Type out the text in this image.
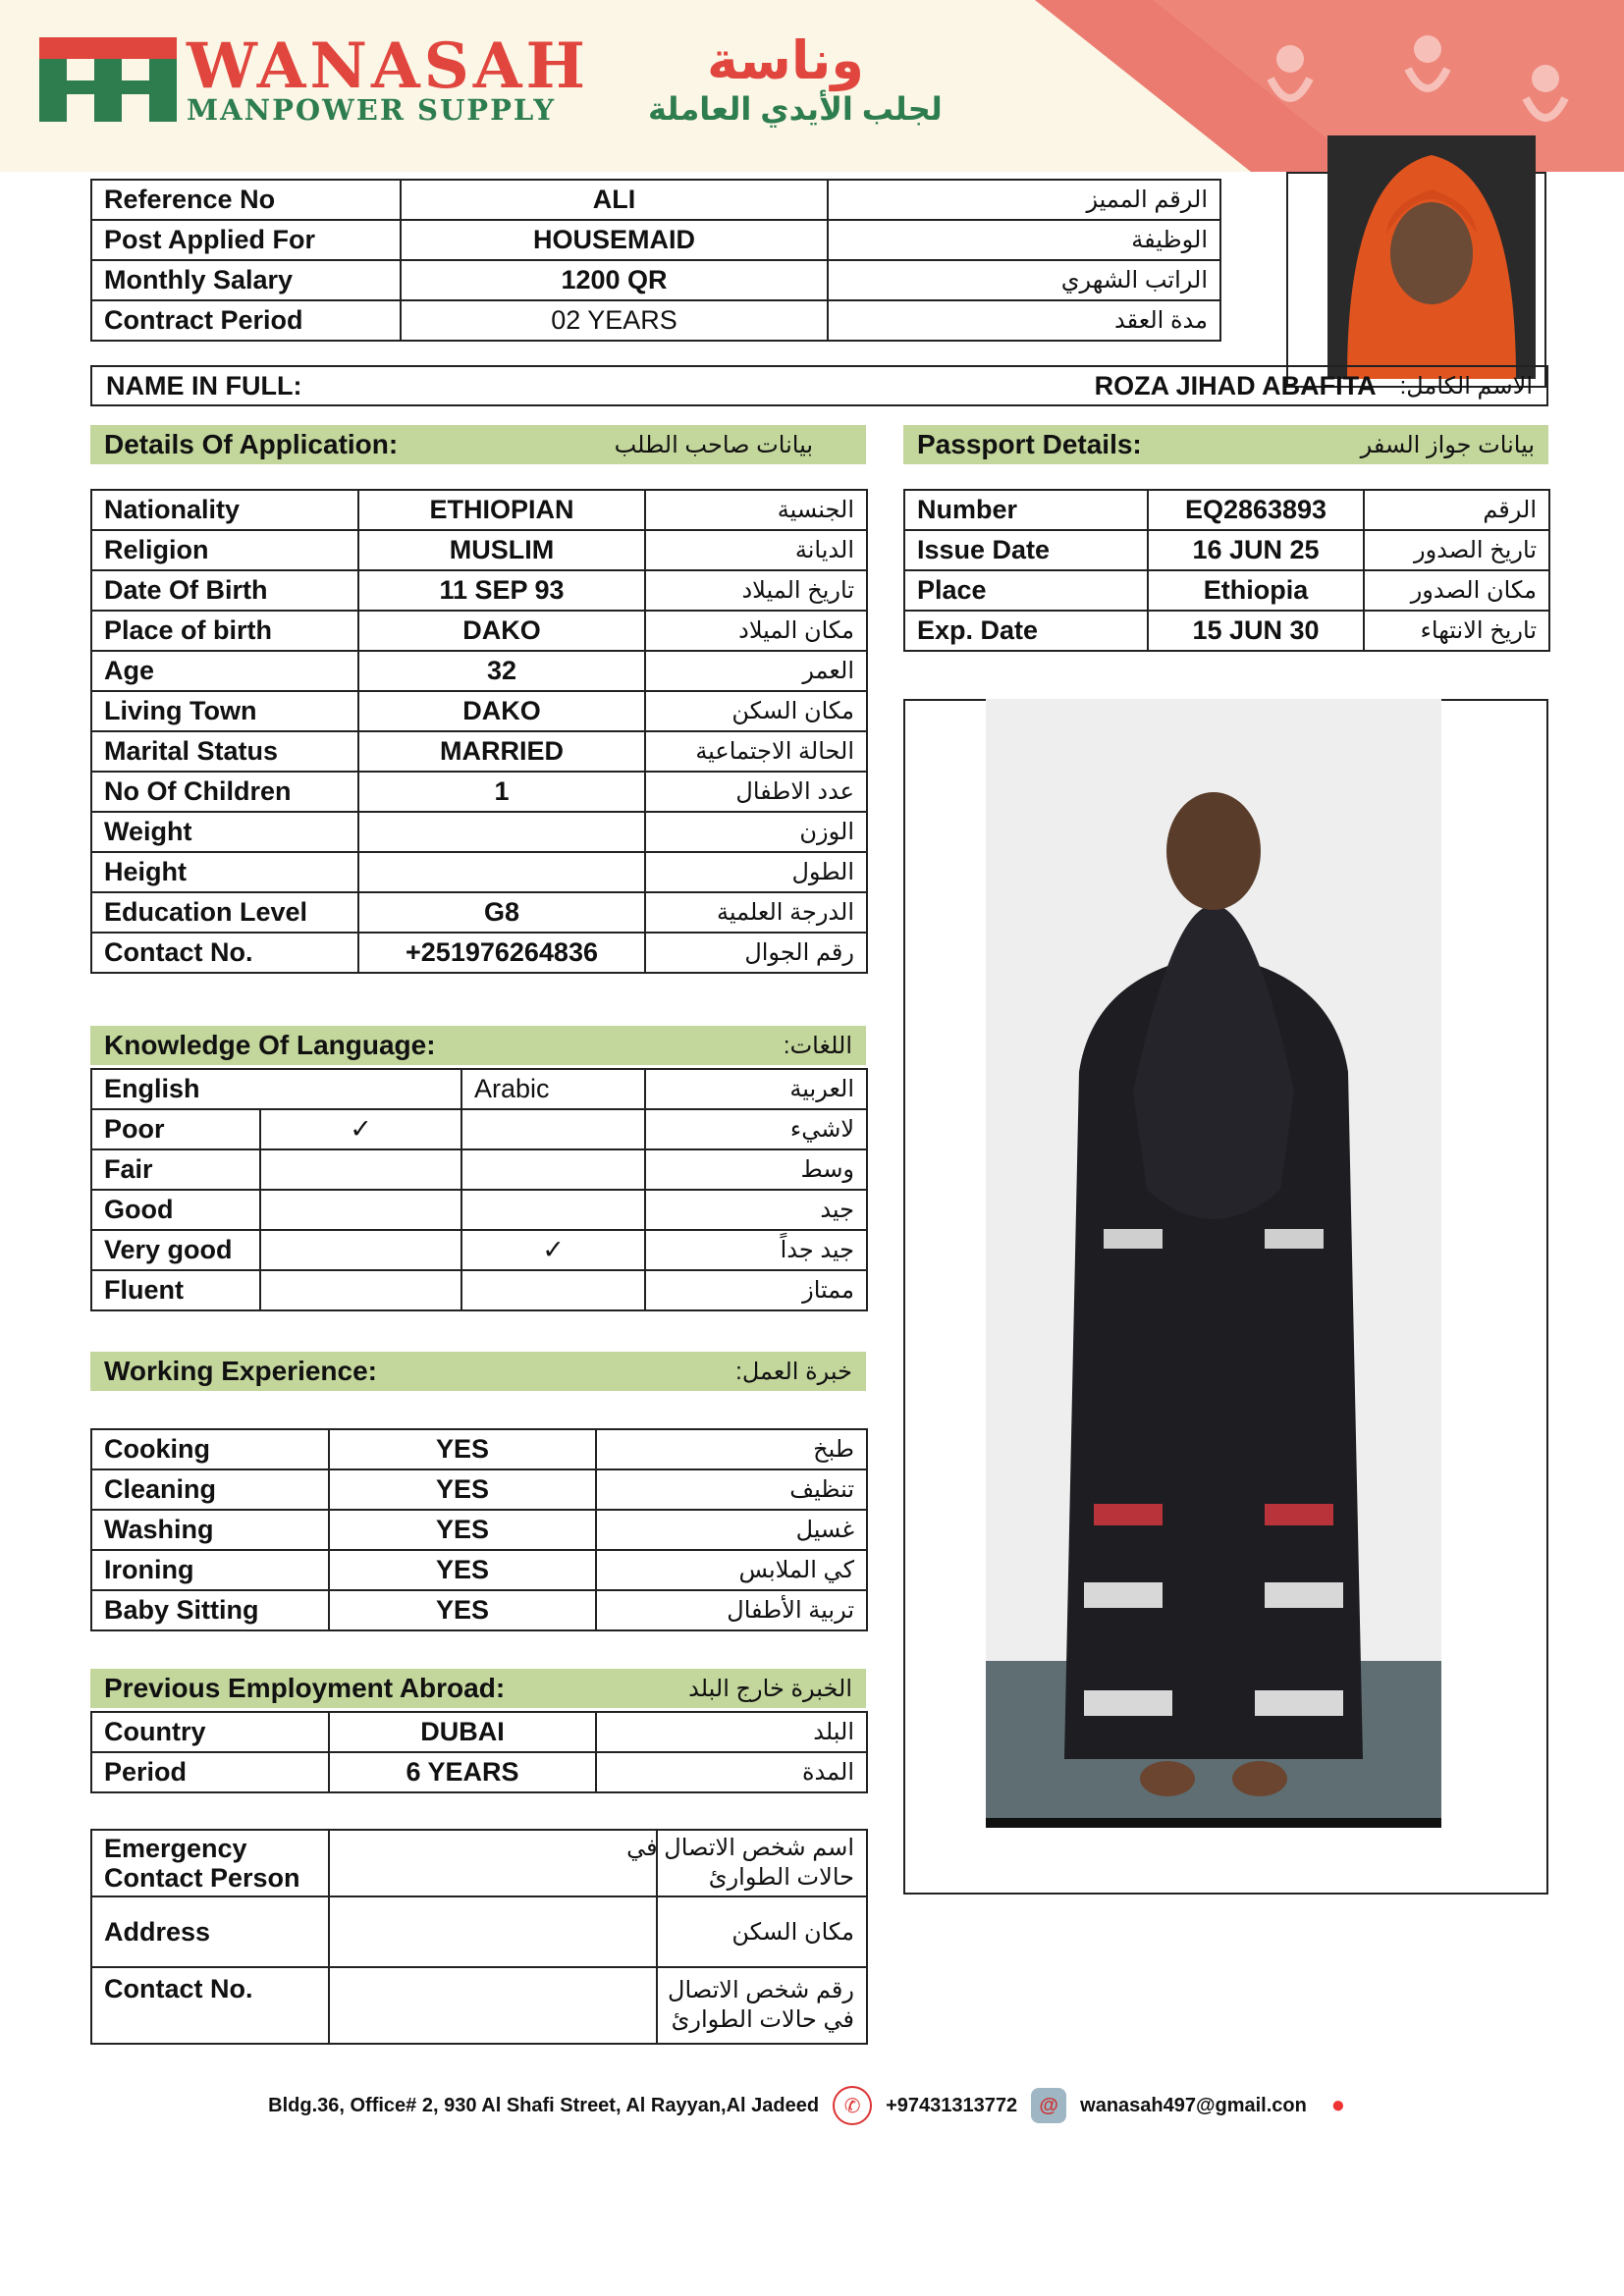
WANASAH
MANPOWER SUPPLY
وناسة
لجلب الأيدي العاملة
Reference No	ALI	الرقم المميز
Post Applied For	HOUSEMAID	الوظيفة
Monthly Salary	1200 QR	الراتب الشهري
Contract Period	02 YEARS	مدة العقد
NAME IN FULL:	ROZA JIHAD ABAFITA الاسم الكامل:
Details Of Application:	بيانات صاحب الطلب	Passport Details:	بيانات جواز السفر
Nationality	ETHIOPIAN	الجنسية
Religion	MUSLIM	الديانة
Date Of Birth	11 SEP 93	تاريخ الميلاد
Place of birth	DAKO	مكان الميلاد
Age	32	العمر
Living Town	DAKO	مكان السكن
Marital Status	MARRIED	الحالة الاجتماعية
No Of Children	1	عدد الاطفال
Weight		الوزن
Height		الطول
Education Level	G8	الدرجة العلمية
Contact No.	+251976264836	رقم الجوال
Number	EQ2863893	الرقم
Issue Date	16 JUN 25	تاريخ الصدور
Place	Ethiopia	مكان الصدور
Exp. Date	15 JUN 30	تاريخ الانتهاء
Knowledge Of Language:	اللغات:
English		Arabic	العربية
Poor	✓		لاشيء
Fair			وسط
Good			جيد
Very good		✓	جيد جداً
Fluent			ممتاز
Working Experience:	خبرة العمل:
Cooking	YES	طبخ
Cleaning	YES	تنظيف
Washing	YES	غسيل
Ironing	YES	كي الملابس
Baby Sitting	YES	تربية الأطفال
Previous Employment Abroad:	الخبرة خارج البلد
Country	DUBAI	البلد
Period	6 YEARS	المدة
Emergency
Contact Person		اسم شخص الاتصال في
حالات الطوارئ
Address		مكان السكن
Contact No.		رقم شخص الاتصال
في حالات الطوارئ
Bldg.36, Office# 2, 930 Al Shafi Street, Al Rayyan,Al Jadeed	✆	+97431313772	@	wanasah497@gmail.con	●
